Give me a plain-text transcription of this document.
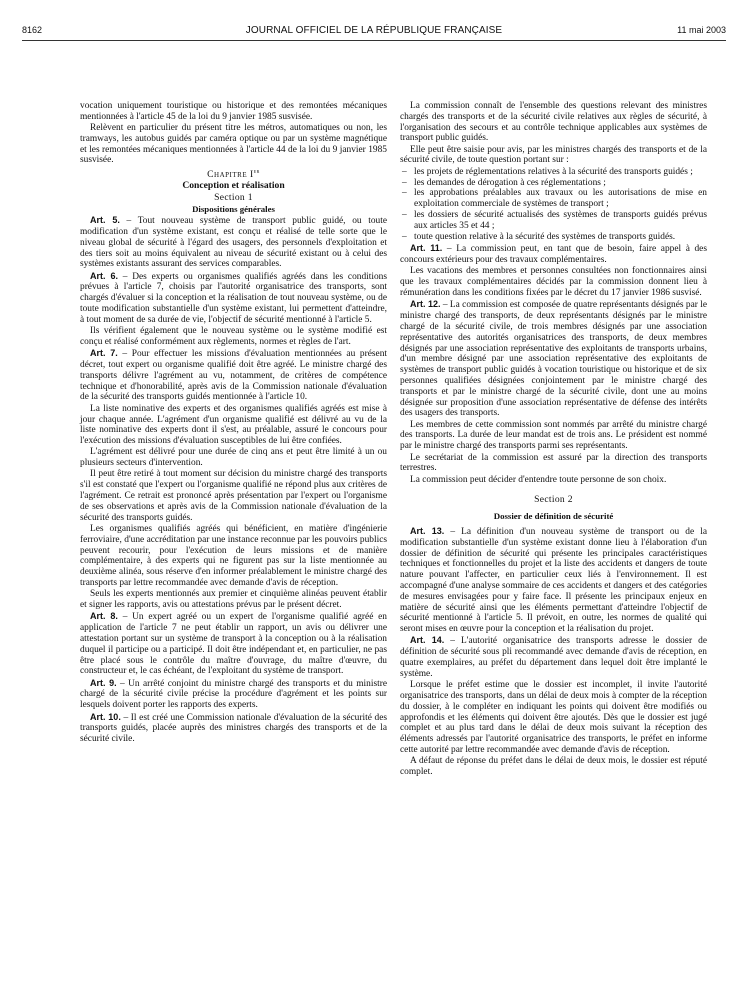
8162	JOURNAL OFFICIEL DE LA RÉPUBLIQUE FRANÇAISE	11 mai 2003

vocation uniquement touristique ou historique et des remontées mécaniques mentionnées à l'article 45 de la loi du 9 janvier 1985 susvisée.

Relèvent en particulier du présent titre les métros, automatiques ou non, les tramways, les autobus guidés par caméra optique ou par un système magnétique et les remontées mécaniques mentionnées à l'article 44 de la loi du 9 janvier 1985 susvisée.

Chapitre Ier

Conception et réalisation

Section 1

Dispositions générales

Art. 5. – Tout nouveau système de transport public guidé, ou toute modification d'un système existant, est conçu et réalisé de telle sorte que le niveau global de sécurité à l'égard des usagers, des personnels d'exploitation et des tiers soit au moins équivalent au niveau de sécurité existant ou à celui des systèmes existants assurant des services comparables.

Art. 6. – Des experts ou organismes qualifiés agréés dans les conditions prévues à l'article 7, choisis par l'autorité organisatrice des transports, sont chargés d'évaluer si la conception et la réalisation de tout nouveau système, ou de toute modification substantielle d'un système existant, lui permettent d'atteindre, à tout moment de sa durée de vie, l'objectif de sécurité mentionné à l'article 5.

Ils vérifient également que le nouveau système ou le système modifié est conçu et réalisé conformément aux règlements, normes et règles de l'art.

Art. 7. – Pour effectuer les missions d'évaluation mentionnées au présent décret, tout expert ou organisme qualifié doit être agréé. Le ministre chargé des transports délivre l'agrément au vu, notamment, de critères de compétence technique et d'honorabilité, après avis de la Commission nationale d'évaluation de la sécurité des transports guidés mentionnée à l'article 10.

La liste nominative des experts et des organismes qualifiés agréés est mise à jour chaque année. L'agrément d'un organisme qualifié est délivré au vu de la liste nominative des experts dont il s'est, au préalable, assuré le concours pour l'exécution des missions d'évaluation susceptibles de lui être confiées.

L'agrément est délivré pour une durée de cinq ans et peut être limité à un ou plusieurs secteurs d'intervention.

Il peut être retiré à tout moment sur décision du ministre chargé des transports s'il est constaté que l'expert ou l'organisme qualifié ne répond plus aux critères de l'agrément. Ce retrait est prononcé après présentation par l'expert ou l'organisme de ses observations et après avis de la Commission nationale d'évaluation de la sécurité des transports guidés.

Les organismes qualifiés agréés qui bénéficient, en matière d'ingénierie ferroviaire, d'une accréditation par une instance reconnue par les pouvoirs publics peuvent recourir, pour l'exécution de leurs missions et de manière complémentaire, à des experts qui ne figurent pas sur la liste mentionnée au deuxième alinéa, sous réserve d'en informer préalablement le ministre chargé des transports par lettre recommandée avec demande d'avis de réception.

Seuls les experts mentionnés aux premier et cinquième alinéas peuvent établir et signer les rapports, avis ou attestations prévus par le présent décret.

Art. 8. – Un expert agréé ou un expert de l'organisme qualifié agréé en application de l'article 7 ne peut établir un rapport, un avis ou délivrer une attestation portant sur un système de transport à la conception ou à la réalisation duquel il participe ou a participé. Il doit être indépendant et, en particulier, ne pas être placé sous le contrôle du maître d'ouvrage, du maître d'œuvre, du constructeur et, le cas échéant, de l'exploitant du système de transport.

Art. 9. – Un arrêté conjoint du ministre chargé des transports et du ministre chargé de la sécurité civile précise la procédure d'agrément et les points sur lesquels doivent porter les rapports des experts.

Art. 10. – Il est créé une Commission nationale d'évaluation de la sécurité des transports guidés, placée auprès des ministres chargés des transports et de la sécurité civile.

La commission connaît de l'ensemble des questions relevant des ministres chargés des transports et de la sécurité civile relatives aux règles de sécurité, à l'organisation des secours et au contrôle technique applicables aux systèmes de transport public guidés.

Elle peut être saisie pour avis, par les ministres chargés des transports et de la sécurité civile, de toute question portant sur :

– les projets de réglementations relatives à la sécurité des transports guidés ;
– les demandes de dérogation à ces réglementations ;
– les approbations préalables aux travaux ou les autorisations de mise en exploitation commerciale de systèmes de transport ;
– les dossiers de sécurité actualisés des systèmes de transports guidés prévus aux articles 35 et 44 ;
– toute question relative à la sécurité des systèmes de transports guidés.

Art. 11. – La commission peut, en tant que de besoin, faire appel à des concours extérieurs pour des travaux complémentaires.

Les vacations des membres et personnes consultées non fonctionnaires ainsi que les travaux complémentaires décidés par la commission donnent lieu à rémunération dans les conditions fixées par le décret du 17 janvier 1986 susvisé.

Art. 12. – La commission est composée de quatre représentants désignés par le ministre chargé des transports, de deux représentants désignés par le ministre chargé de la sécurité civile, de trois membres désignés par une association représentative des autorités organisatrices des transports, de deux membres désignés par une association représentative des exploitants de transports urbains, d'un membre désigné par une association représentative des exploitants de systèmes de transport public guidés à vocation touristique ou historique et de six personnes qualifiées désignées conjointement par le ministre chargé des transports et par le ministre chargé de la sécurité civile, dont une au moins désignée sur proposition d'une association représentative de défense des intérêts des usagers des transports.

Les membres de cette commission sont nommés par arrêté du ministre chargé des transports. La durée de leur mandat est de trois ans. Le président est nommé par le ministre chargé des transports parmi ses représentants.

Le secrétariat de la commission est assuré par la direction des transports terrestres.

La commission peut décider d'entendre toute personne de son choix.

Section 2

Dossier de définition de sécurité

Art. 13. – La définition d'un nouveau système de transport ou de la modification substantielle d'un système existant donne lieu à l'élaboration d'un dossier de définition de sécurité qui présente les principales caractéristiques techniques et fonctionnelles du projet et la liste des accidents et dangers de toute nature pouvant l'affecter, en particulier ceux liés à l'environnement. Il est accompagné d'une analyse sommaire de ces accidents et dangers et des catégories de mesures envisagées pour y faire face. Il présente les principaux enjeux en matière de sécurité ainsi que les éléments permettant d'atteindre l'objectif de sécurité mentionné à l'article 5. Il prévoit, en outre, les normes de qualité qui seront mises en œuvre pour la conception et la réalisation du projet.

Art. 14. – L'autorité organisatrice des transports adresse le dossier de définition de sécurité sous pli recommandé avec demande d'avis de réception, en quatre exemplaires, au préfet du département dans lequel doit être implanté le système.

Lorsque le préfet estime que le dossier est incomplet, il invite l'autorité organisatrice des transports, dans un délai de deux mois à compter de la réception du dossier, à le compléter en indiquant les points qui doivent être modifiés ou approfondis et les éléments qui doivent être ajoutés. Dès que le dossier est jugé complet et au plus tard dans le délai de deux mois suivant la réception des éléments adressés par l'autorité organisatrice des transports, le préfet en informe cette autorité par lettre recommandée avec demande d'avis de réception.

A défaut de réponse du préfet dans le délai de deux mois, le dossier est réputé complet.
